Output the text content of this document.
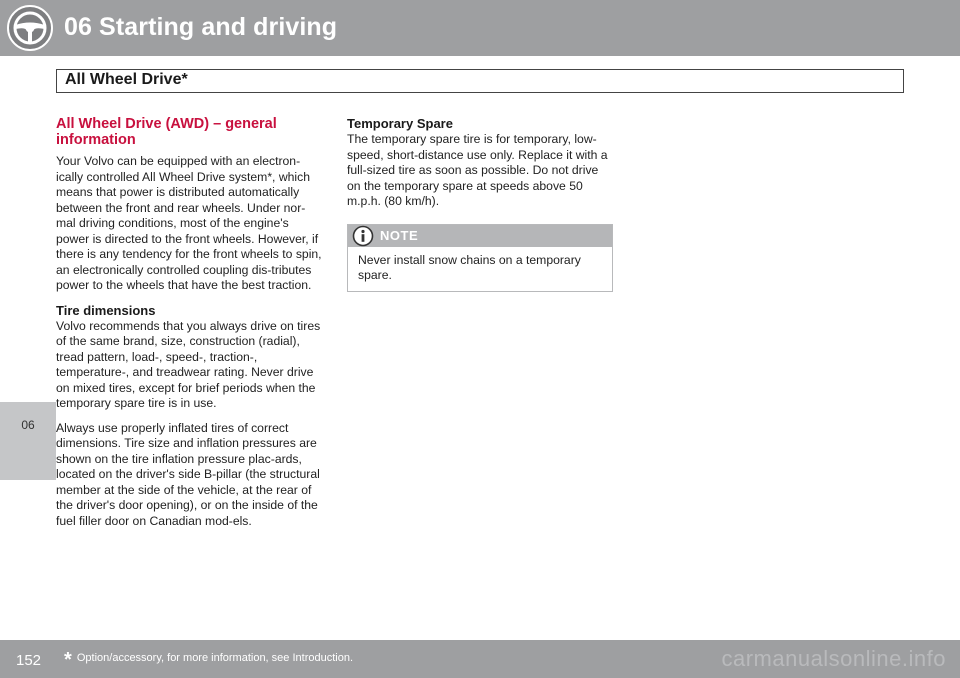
06 Starting and driving
06
All Wheel Drive*
All Wheel Drive (AWD) – general information

Your Volvo can be equipped with an electron-ically controlled All Wheel Drive system*, which means that power is distributed automatically between the front and rear wheels. Under nor-mal driving conditions, most of the engine's power is directed to the front wheels. However, if there is any tendency for the front wheels to spin, an electronically controlled coupling dis-tributes power to the wheels that have the best traction.

Tire dimensions

Volvo recommends that you always drive on tires of the same brand, size, construction (radial), tread pattern, load-, speed-, traction-, temperature-, and treadwear rating. Never drive on mixed tires, except for brief periods when the temporary spare tire is in use.

Always use properly inflated tires of correct dimensions. Tire size and inflation pressures are shown on the tire inflation pressure plac-ards, located on the driver's side B-pillar (the structural member at the side of the vehicle, at the rear of the driver's door opening), or on the inside of the fuel filler door on Canadian mod-els.

Temporary Spare

The temporary spare tire is for temporary, low-speed, short-distance use only. Replace it with a full-sized tire as soon as possible. Do not drive on the temporary spare at speeds above 50 m.p.h. (80 km/h).

NOTE
Never install snow chains on a temporary spare.
152 * Option/accessory, for more information, see Introduction.	carmanualsonline.info
